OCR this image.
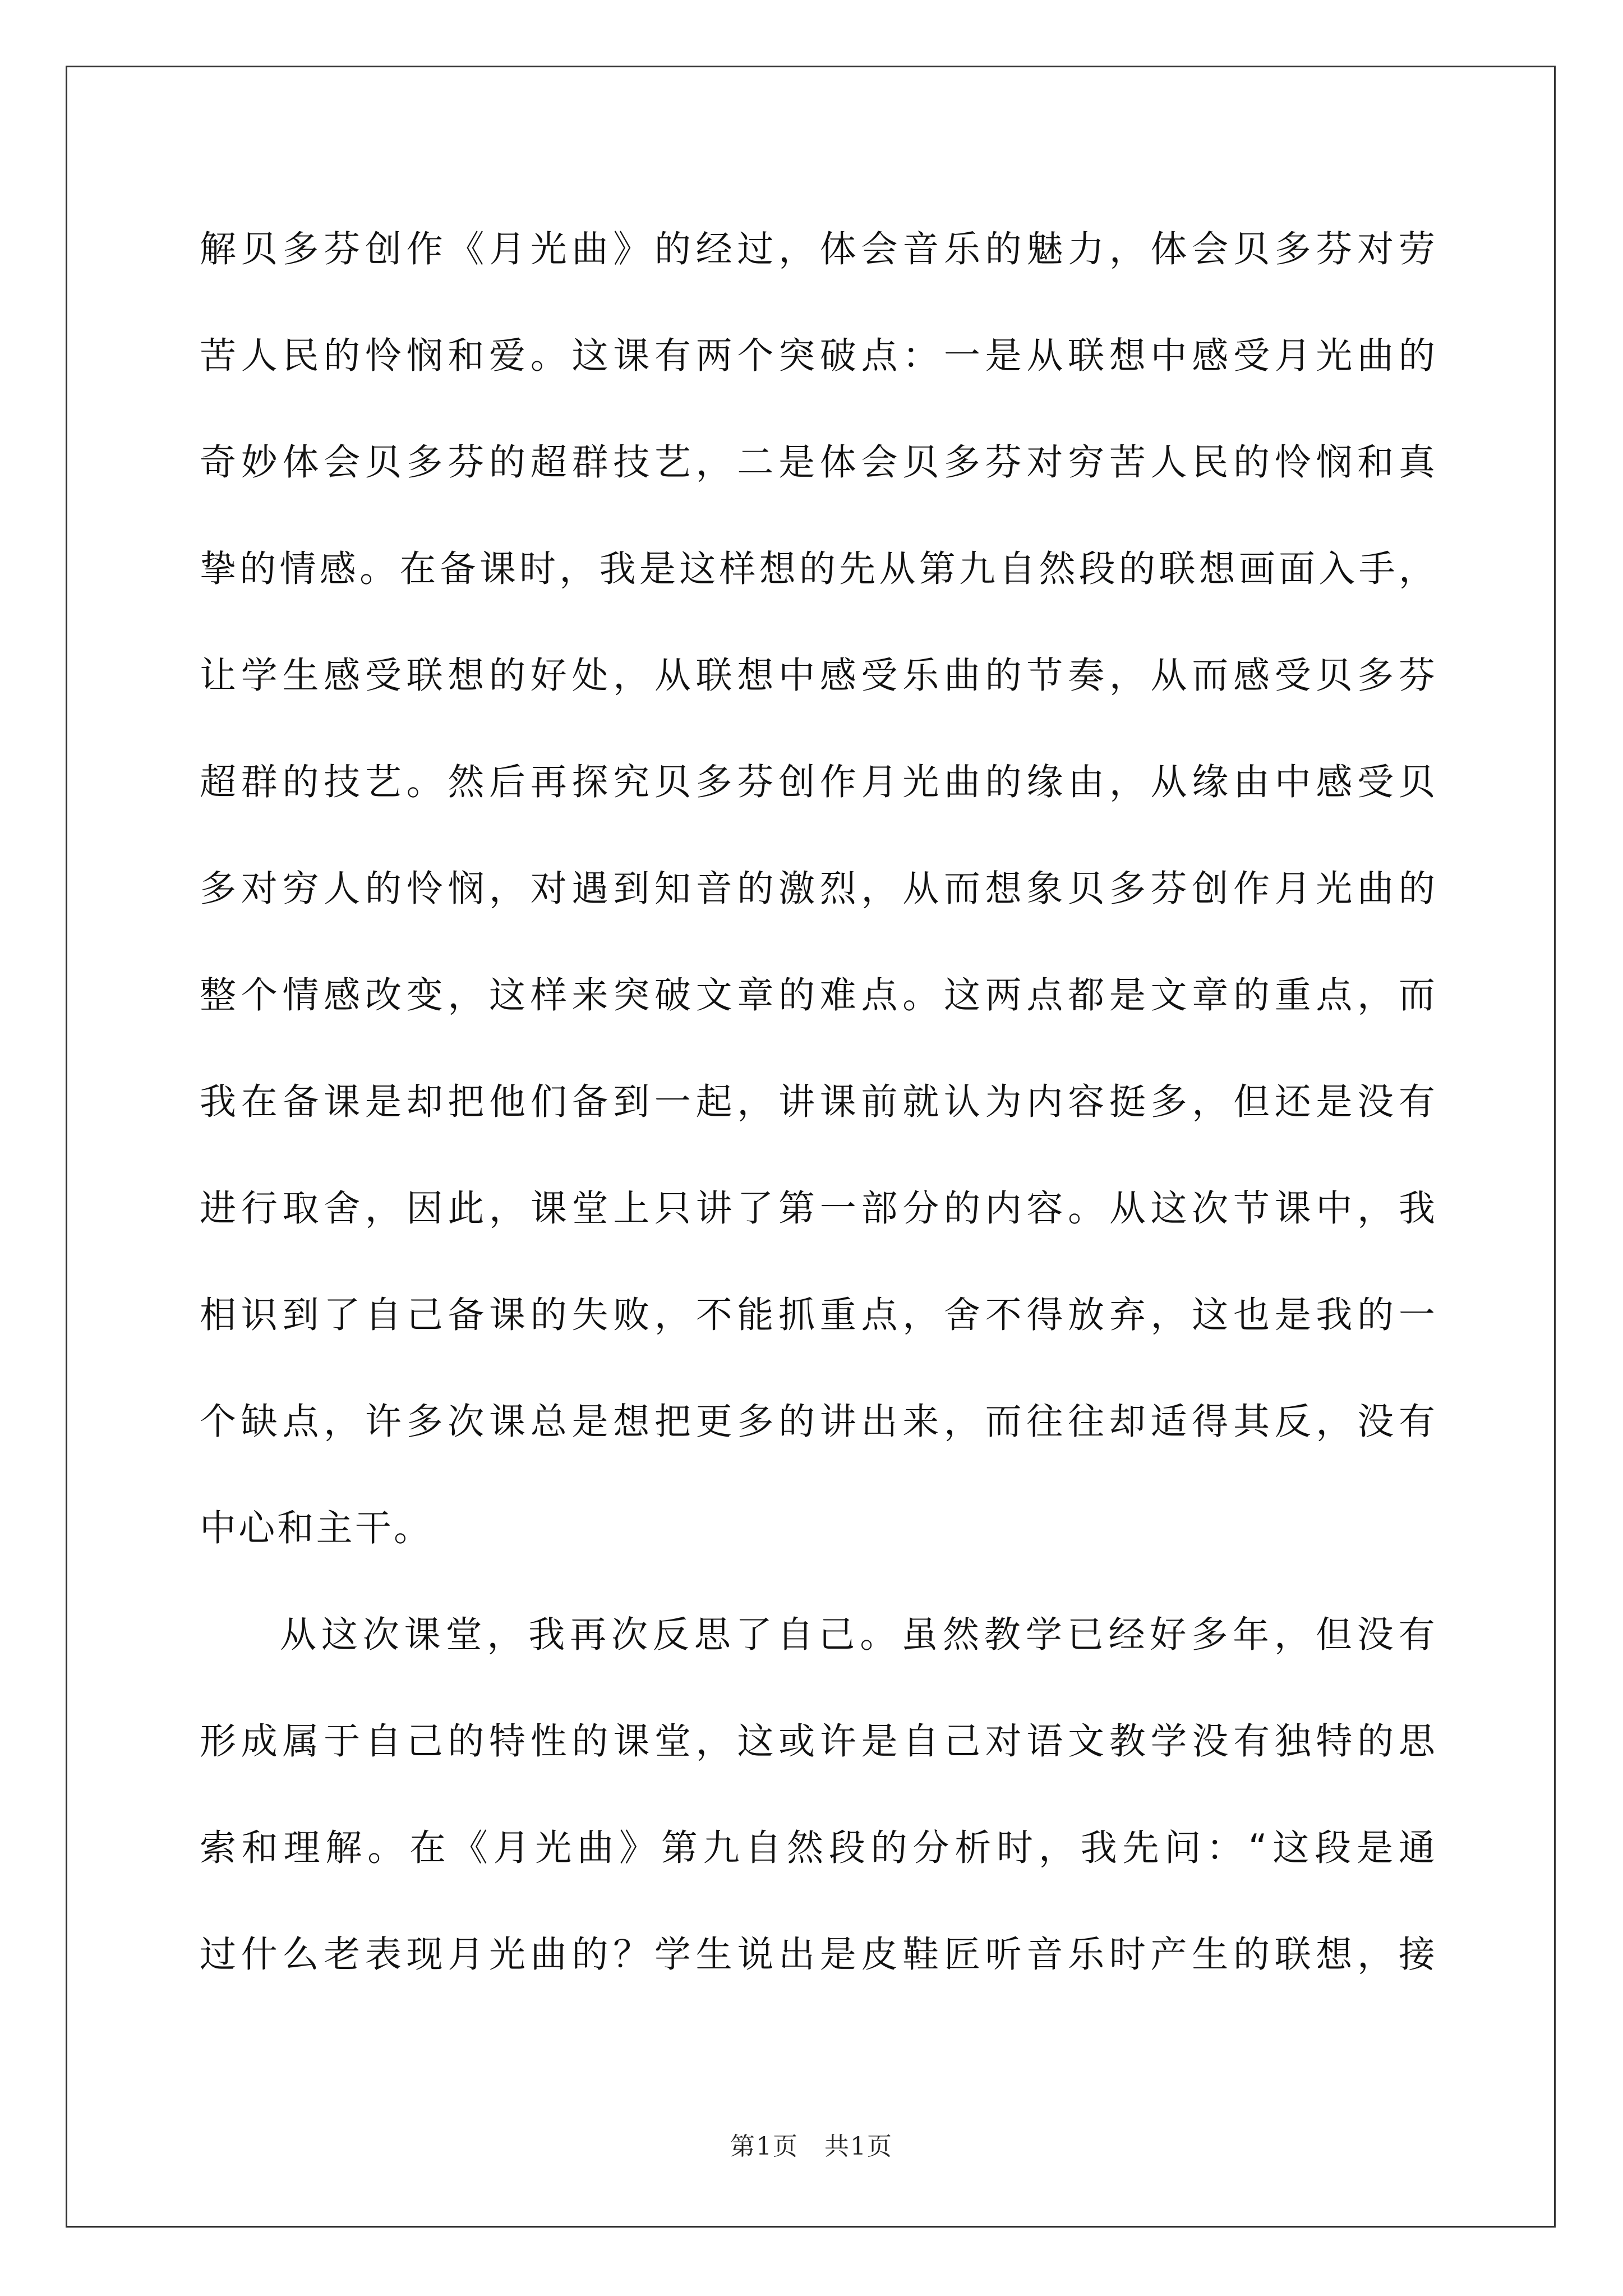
解 贝 多 芬 创 作 《 月 光 曲 》 的 经 过 ， 体 会 音 乐 的 魅 力 ， 体 会 贝 多 芬 对 劳
苦 人 民 的 怜 悯 和 爱 。 这 课 有 两 个 突 破 点 ： 一 是 从 联 想 中 感 受 月 光 曲 的
奇 妙 体 会 贝 多 芬 的 超 群 技 艺 ， 二 是 体 会 贝 多 芬 对 穷 苦 人 民 的 怜 悯 和 真
挚 的 情 感 。 在 备 课 时 ， 我 是 这 样 想 的 先 从 第 九 自 然 段 的 联 想 画 面 入 手 ，
让 学 生 感 受 联 想 的 好 处 ， 从 联 想 中 感 受 乐 曲 的 节 奏 ， 从 而 感 受 贝 多 芬
超 群 的 技 艺 。 然 后 再 探 究 贝 多 芬 创 作 月 光 曲 的 缘 由 ， 从 缘 由 中 感 受 贝
多 对 穷 人 的 怜 悯 ， 对 遇 到 知 音 的 激 烈 ， 从 而 想 象 贝 多 芬 创 作 月 光 曲 的
整 个 情 感 改 变 ， 这 样 来 突 破 文 章 的 难 点 。 这 两 点 都 是 文 章 的 重 点 ， 而
我 在 备 课 是 却 把 他 们 备 到 一 起 ， 讲 课 前 就 认 为 内 容 挺 多 ， 但 还 是 没 有
进 行 取 舍 ， 因 此 ， 课 堂 上 只 讲 了 第 一 部 分 的 内 容 。 从 这 次 节 课 中 ， 我
相 识 到 了 自 己 备 课 的 失 败 ， 不 能 抓 重 点 ， 舍 不 得 放 弃 ， 这 也 是 我 的 一
个 缺 点 ， 许 多 次 课 总 是 想 把 更 多 的 讲 出 来 ， 而 往 往 却 适 得 其 反 ， 没 有
中心和主干。
从 这 次 课 堂 ， 我 再 次 反 思 了 自 己 。 虽 然 教 学 已 经 好 多 年 ， 但 没 有
形 成 属 于 自 己 的 特 性 的 课 堂 ， 这 或 许 是 自 己 对 语 文 教 学 没 有 独 特 的 思
索 和 理 解 。 在 《 月 光 曲 》 第 九 自 然 段 的 分 析 时 ， 我 先 问 ： “ 这 段 是 通
过 什 么 老 表 现 月 光 曲 的 ？ 学 生 说 出 是 皮 鞋 匠 听 音 乐 时 产 生 的 联 想 ， 接
第1页　共1页
